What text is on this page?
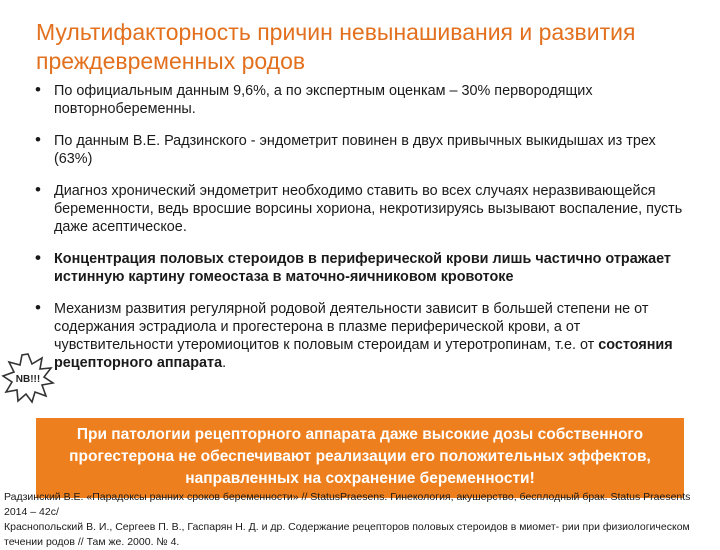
Мультифакторность причин невынашивания и развития преждевременных родов
• По официальным данным 9,6%, а по экспертным оценкам – 30% первородящих повторнобеременны.
• По данным В.Е. Радзинского - эндометрит повинен в двух привычных выкидышах из трех (63%)
• Диагноз хронический эндометрит необходимо ставить во всех случаях неразвивающейся беременности, ведь вросшие ворсины хориона, некротизируясь вызывают воспаление, пусть даже асептическое.
• Концентрация половых стероидов в периферической крови лишь частично отражает истинную картину гомеостаза в маточно-яичниковом кровотоке
• Механизм развития регулярной родовой деятельности зависит в большей степени не от содержания эстрадиола и прогестерона в плазме периферической крови, а от чувствительности утеромиоцитов к половым стероидам и утеротропинам, т.е. от состояния рецепторного аппарата.
NB!!!
При патологии рецепторного аппарата даже высокие дозы собственного прогестерона не обеспечивают реализации его положительных эффектов, направленных на сохранение беременности!
Радзинский В.Е. «Парадоксы ранних сроков беременности» // StatusPraesens. Гинекология, акушерство, бесплодный брак. Status Praesents 2014 – 42с/
Краснопольский В. И., Сергеев П. В., Гаспарян Н. Д. и др. Содержание рецепторов половых стероидов в миомет- рии при физиологическом течении родов // Там же. 2000. № 4.
